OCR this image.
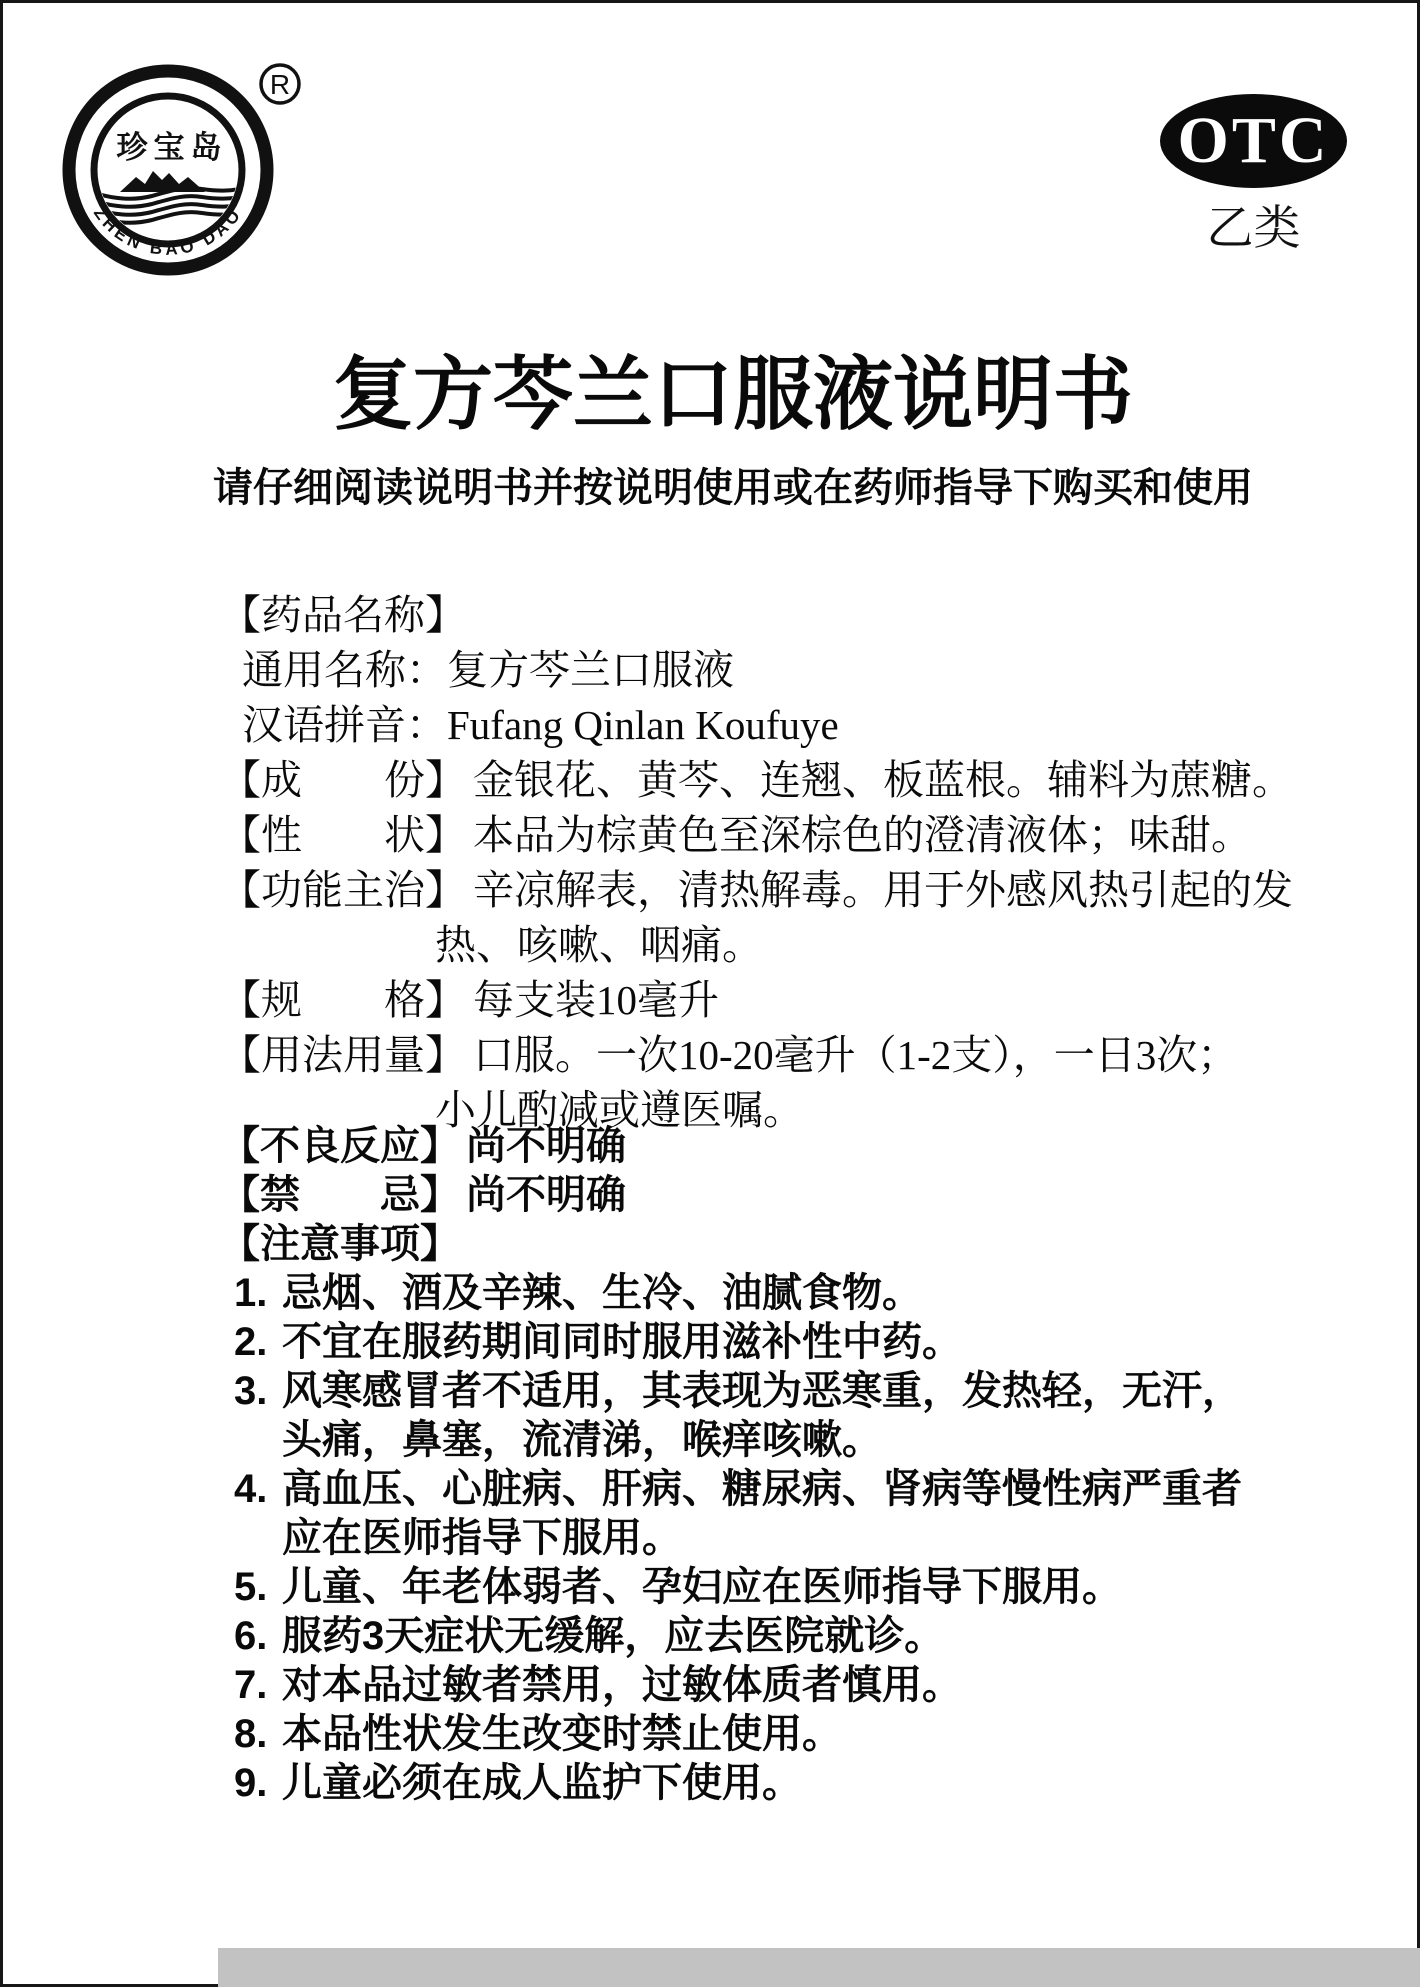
珍宝岛
ZHEN BAO DAO
R
OTC
乙类
复方芩兰口服液说明书
请仔细阅读说明书并按说明使用或在药师指导下购买和使用
【药品名称】
通用名称：复方芩兰口服液
汉语拼音：Fufang Qinlan Koufuye
【成　　份】 金银花、黄芩、连翘、板蓝根。辅料为蔗糖。
【性　　状】 本品为棕黄色至深棕色的澄清液体；味甜。
【功能主治】 辛凉解表，清热解毒。用于外感风热引起的发
热、咳嗽、咽痛。
【规　　格】 每支装10毫升
【用法用量】 口服。一次10-20毫升（1-2支），一日3次；
小儿酌减或遵医嘱。
【不良反应】 尚不明确
【禁　　忌】 尚不明确
【注意事项】
1. 忌烟、酒及辛辣、生冷、油腻食物。
2. 不宜在服药期间同时服用滋补性中药。
3. 风寒感冒者不适用，其表现为恶寒重，发热轻，无汗，
头痛，鼻塞，流清涕，喉痒咳嗽。
4. 高血压、心脏病、肝病、糖尿病、肾病等慢性病严重者
应在医师指导下服用。
5. 儿童、年老体弱者、孕妇应在医师指导下服用。
6. 服药3天症状无缓解，应去医院就诊。
7. 对本品过敏者禁用，过敏体质者慎用。
8. 本品性状发生改变时禁止使用。
9. 儿童必须在成人监护下使用。
